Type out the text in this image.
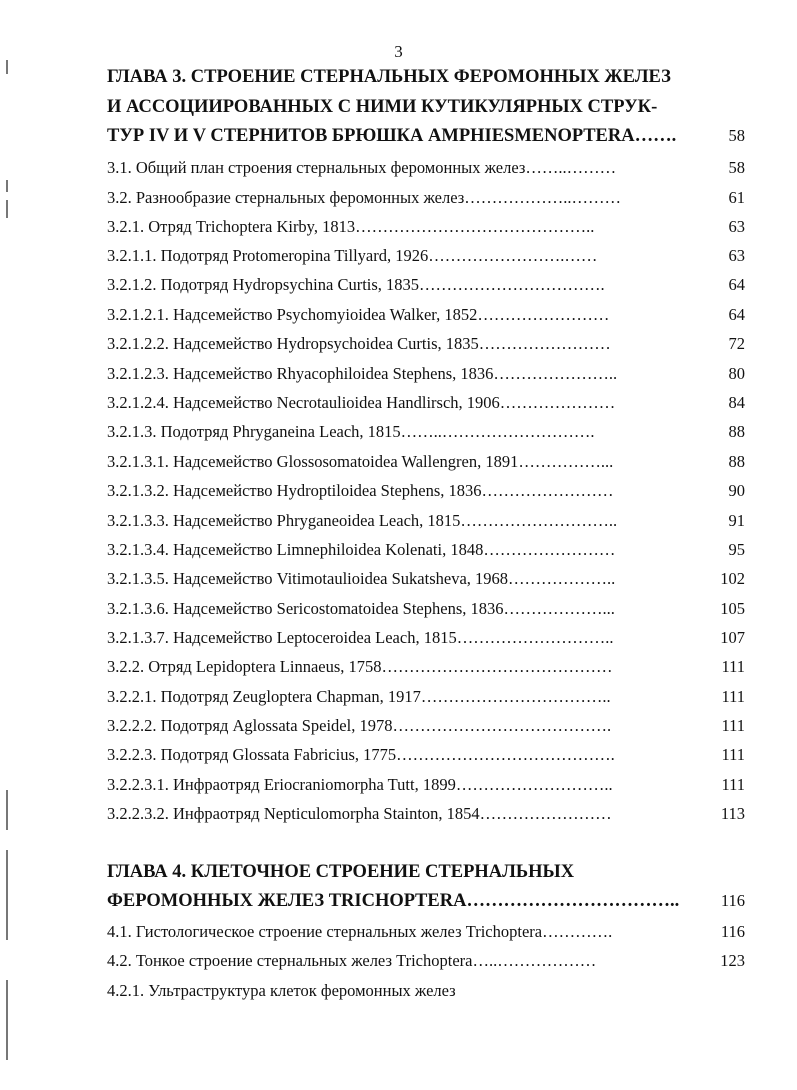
3
ГЛАВА 3. СТРОЕНИЕ СТЕРНАЛЬНЫХ ФЕРОМОННЫХ ЖЕЛЕЗ
И АССОЦИИРОВАННЫХ С НИМИ КУТИКУЛЯРНЫХ СТРУК-
ТУР IV И V СТЕРНИТОВ БРЮШКА AMPHIESMENOPTERA…….	58
3.1. Общий план строения стернальных феромонных желез……..………	58
3.2. Разнообразие стернальных феромонных желез………………..………	61
3.2.1. Отряд Trichoptera Kirby, 1813……………………………………..	63
3.2.1.1. Подотряд Protomeropina Tillyard, 1926…………………….……	63
3.2.1.2. Подотряд Hydropsychina Curtis, 1835…………………………….	64
3.2.1.2.1. Надсемейство Psychomyioidea Walker, 1852……………………	64
3.2.1.2.2. Надсемейство Hydropsychoidea Curtis, 1835……………………	72
3.2.1.2.3. Надсемейство Rhyacophiloidea Stephens, 1836…………………..	80
3.2.1.2.4. Надсемейство Necrotaulioidea Handlirsch, 1906…………………	84
3.2.1.3. Подотряд Phryganeina Leach, 1815……..……………………….	88
3.2.1.3.1. Надсемейство Glossosomatoidea Wallengren, 1891……………...	88
3.2.1.3.2. Надсемейство Hydroptiloidea Stephens, 1836……………………	90
3.2.1.3.3. Надсемейство Phryganeoidea Leach, 1815………………………..	91
3.2.1.3.4. Надсемейство Limnephiloidea Kolenati, 1848……………………	95
3.2.1.3.5. Надсемейство Vitimotaulioidea Sukatsheva, 1968………………..	102
3.2.1.3.6. Надсемейство Sericostomatoidea Stephens, 1836………………...	105
3.2.1.3.7. Надсемейство Leptoceroidea Leach, 1815………………………..	107
3.2.2. Отряд Lepidoptera Linnaeus, 1758……………………………………	111
3.2.2.1. Подотряд Zeugloptera Chapman, 1917……………………………..	111
3.2.2.2. Подотряд Aglossata Speidel, 1978………………………………….	111
3.2.2.3. Подотряд Glossata Fabricius, 1775………………………………….	111
3.2.2.3.1. Инфраотряд Eriocraniomorpha Tutt, 1899………………………..	111
3.2.2.3.2. Инфраотряд Nepticulomorpha Stainton, 1854……………………	113
ГЛАВА 4. КЛЕТОЧНОЕ СТРОЕНИЕ СТЕРНАЛЬНЫХ
ФЕРОМОННЫХ ЖЕЛЕЗ TRICHOPTERA……………………………..	116
4.1. Гистологическое строение стернальных желез Trichoptera………….	116
4.2. Тонкое строение стернальных желез Trichoptera…..………………	123
4.2.1. Ультраструктура клеток феромонных желез
